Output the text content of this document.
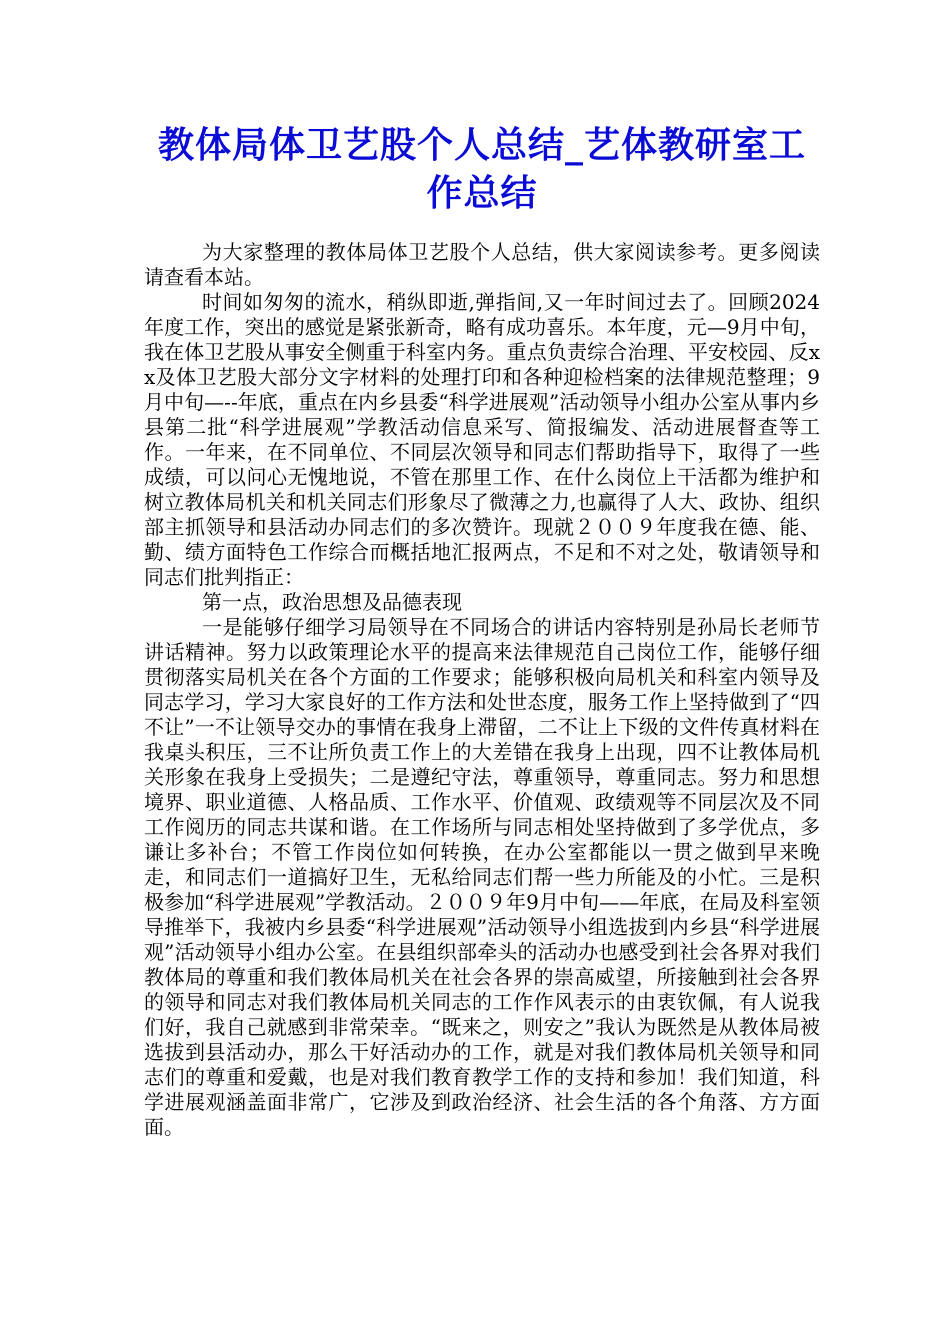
教体局体卫艺股个人总结_艺体教研室工作总结

为大家整理的教体局体卫艺股个人总结，供大家阅读参考。更多阅读请查看本站。

时间如匆匆的流水，稍纵即逝,弹指间,又一年时间过去了。回顾2024年度工作，突出的感觉是紧张新奇，略有成功喜乐。本年度，元—9月中旬，我在体卫艺股从事安全侧重于科室内务。重点负责综合治理、平安校园、反xx及体卫艺股大部分文字材料的处理打印和各种迎检档案的法律规范整理；9月中旬—--年底，重点在内乡县委“科学进展观”活动领导小组办公室从事内乡县第二批“科学进展观”学教活动信息采写、简报编发、活动进展督查等工作。一年来，在不同单位、不同层次领导和同志们帮助指导下，取得了一些成绩，可以问心无愧地说，不管在那里工作、在什么岗位上干活都为维护和树立教体局机关和机关同志们形象尽了微薄之力,也赢得了人大、政协、组织部主抓领导和县活动办同志们的多次赞许。现就２００９年度我在德、能、勤、绩方面特色工作综合而概括地汇报两点，不足和不对之处，敬请领导和同志们批判指正：

第一点，政治思想及品德表现

一是能够仔细学习局领导在不同场合的讲话内容特别是孙局长老师节讲话精神。努力以政策理论水平的提高来法律规范自己岗位工作，能够仔细贯彻落实局机关在各个方面的工作要求；能够积极向局机关和科室内领导及同志学习，学习大家良好的工作方法和处世态度，服务工作上坚持做到了“四不让”一不让领导交办的事情在我身上滞留，二不让上下级的文件传真材料在我桌头积压，三不让所负责工作上的大差错在我身上出现，四不让教体局机关形象在我身上受损失；二是遵纪守法，尊重领导，尊重同志。努力和思想境界、职业道德、人格品质、工作水平、价值观、政绩观等不同层次及不同工作阅历的同志共谋和谐。在工作场所与同志相处坚持做到了多学优点，多谦让多补台；不管工作岗位如何转换，在办公室都能以一贯之做到早来晚走，和同志们一道搞好卫生，无私给同志们帮一些力所能及的小忙。三是积极参加“科学进展观”学教活动。２００９年9月中旬——年底，在局及科室领导推举下，我被内乡县委“科学进展观”活动领导小组选拔到内乡县“科学进展观”活动领导小组办公室。在县组织部牵头的活动办也感受到社会各界对我们教体局的尊重和我们教体局机关在社会各界的崇高威望，所接触到社会各界的领导和同志对我们教体局机关同志的工作作风表示的由衷钦佩，有人说我们好，我自己就感到非常荣幸。“既来之，则安之”我认为既然是从教体局被选拔到县活动办，那么干好活动办的工作，就是对我们教体局机关领导和同志们的尊重和爱戴，也是对我们教育教学工作的支持和参加！我们知道，科学进展观涵盖面非常广，它涉及到政治经济、社会生活的各个角落、方方面面。
